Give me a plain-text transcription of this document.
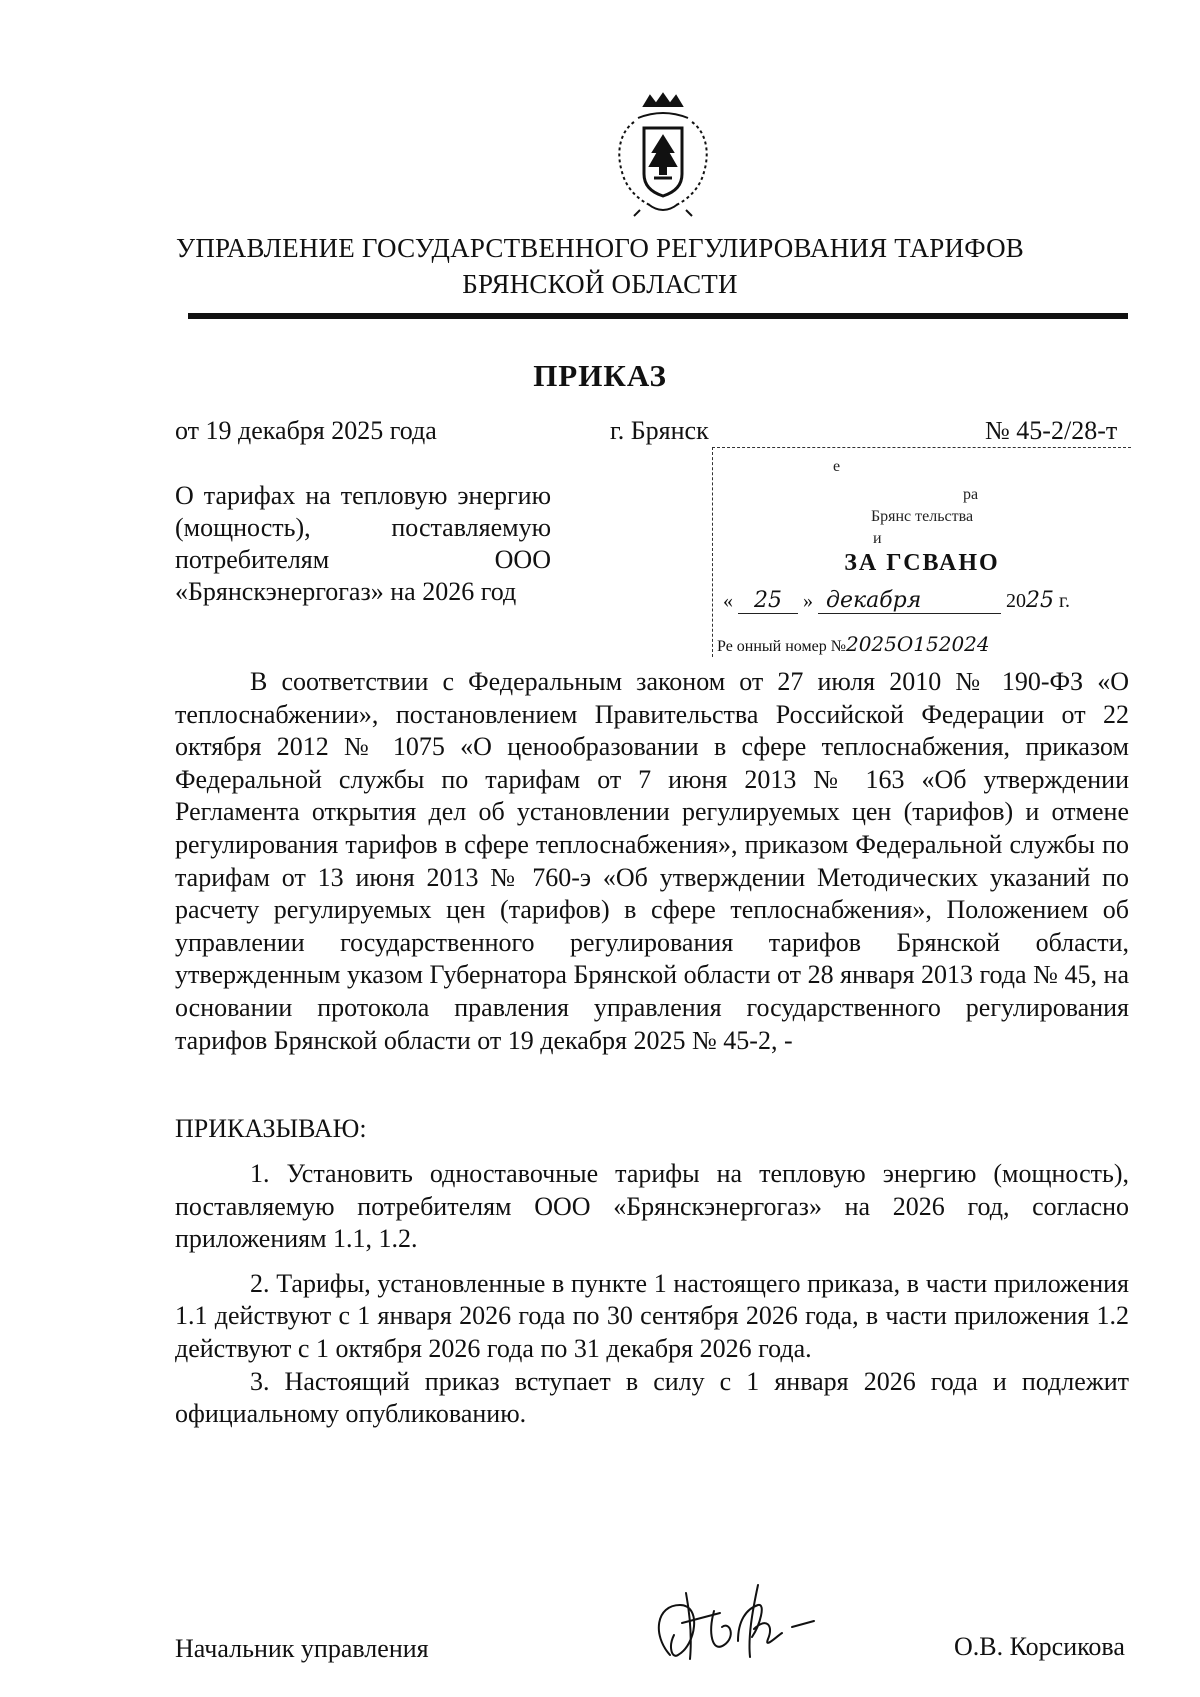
УПРАВЛЕНИЕ ГОСУДАРСТВЕННОГО РЕГУЛИРОВАНИЯ ТАРИФОВ
БРЯНСКОЙ ОБЛАСТИ
ПРИКАЗ
от 19 декабря 2025 года	г. Брянск	№ 45-2/28-т
О тарифах на тепловую энергию (мощность), поставляемую потребителям ООО «Брянскэнергогаз» на 2026 год
е
ра
Брянс тельства
и
ЗА ГСВАНО
« 25 » декабря	2025 г.
Ре онный номер №2025О152024

В соответствии с Федеральным законом от 27 июля 2010 № 190-ФЗ «О теплоснабжении», постановлением Правительства Российской Федерации от 22 октября 2012 № 1075 «О ценообразовании в сфере теплоснабжения, приказом Федеральной службы по тарифам от 7 июня 2013 № 163 «Об утверждении Регламента открытия дел об установлении регулируемых цен (тарифов) и отмене регулирования тарифов в сфере теплоснабжения», приказом Федеральной службы по тарифам от 13 июня 2013 № 760-э «Об утверждении Методических указаний по расчету регулируемых цен (тарифов) в сфере теплоснабжения», Положением об управлении государственного регулирования тарифов Брянской области, утвержденным указом Губернатора Брянской области от 28 января 2013 года № 45, на основании протокола правления управления государственного регулирования тарифов Брянской области от 19 декабря 2025 № 45-2, -

ПРИКАЗЫВАЮ:

1. Установить одноставочные тарифы на тепловую энергию (мощность), поставляемую потребителям ООО «Брянскэнергогаз» на 2026 год, согласно приложениям 1.1, 1.2.

2. Тарифы, установленные в пункте 1 настоящего приказа, в части приложения 1.1 действуют с 1 января 2026 года по 30 сентября 2026 года, в части приложения 1.2 действуют с 1 октября 2026 года по 31 декабря 2026 года.

3. Настоящий приказ вступает в силу с 1 января 2026 года и подлежит официальному опубликованию.

Начальник управления	О.В. Корсикова
